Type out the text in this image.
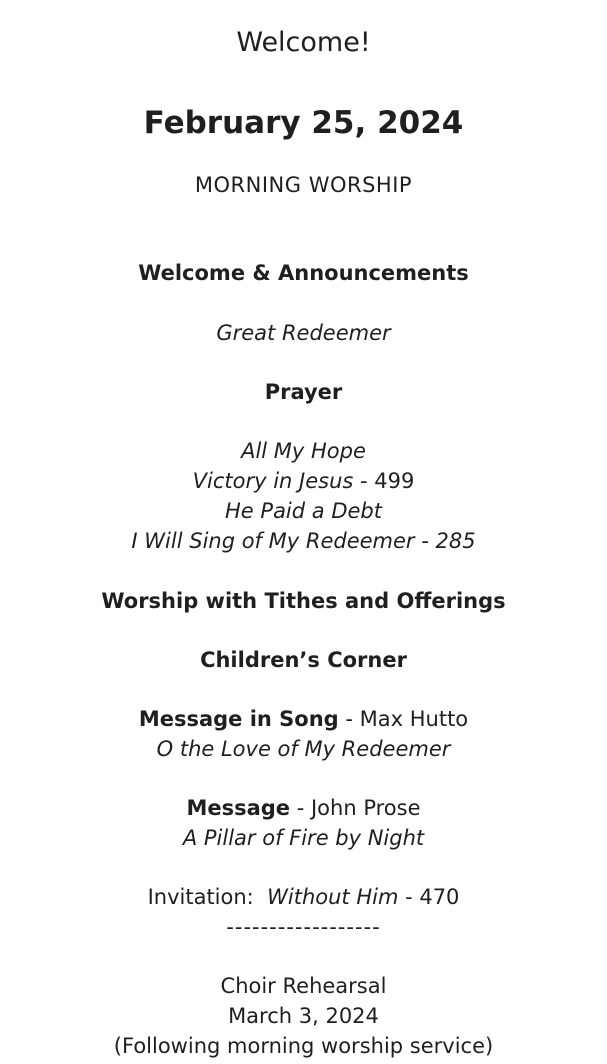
Welcome!
February 25, 2024
MORNING WORSHIP
Welcome & Announcements
Great Redeemer
Prayer
All My Hope
Victory in Jesus - 499
He Paid a Debt
I Will Sing of My Redeemer - 285
Worship with Tithes and Offerings
Children’s Corner
Message in Song - Max Hutto
O the Love of My Redeemer
Message - John Prose
A Pillar of Fire by Night
Invitation:  Without Him - 470
------------------
Choir Rehearsal
March 3, 2024
(Following morning worship service)
